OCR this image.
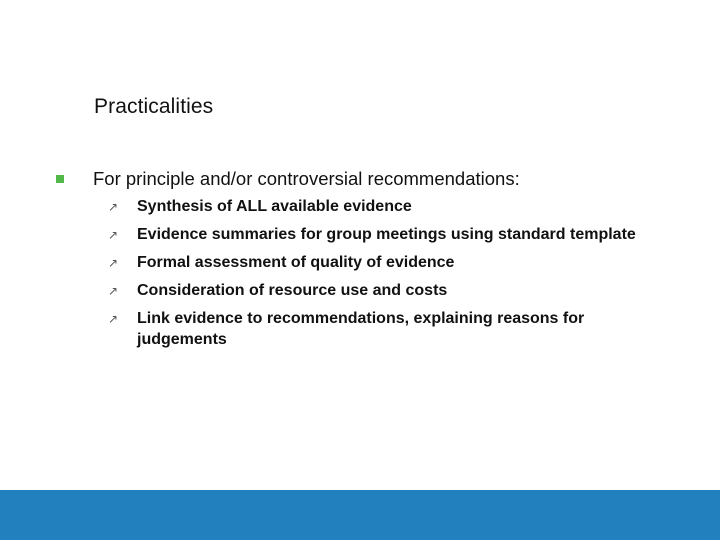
Practicalities
For principle and/or controversial recommendations:
↗ Synthesis of ALL available evidence
↗ Evidence summaries for group meetings using standard template
↗ Formal assessment of quality of evidence
↗ Consideration of resource use and costs
↗ Link evidence to recommendations, explaining reasons for judgements
